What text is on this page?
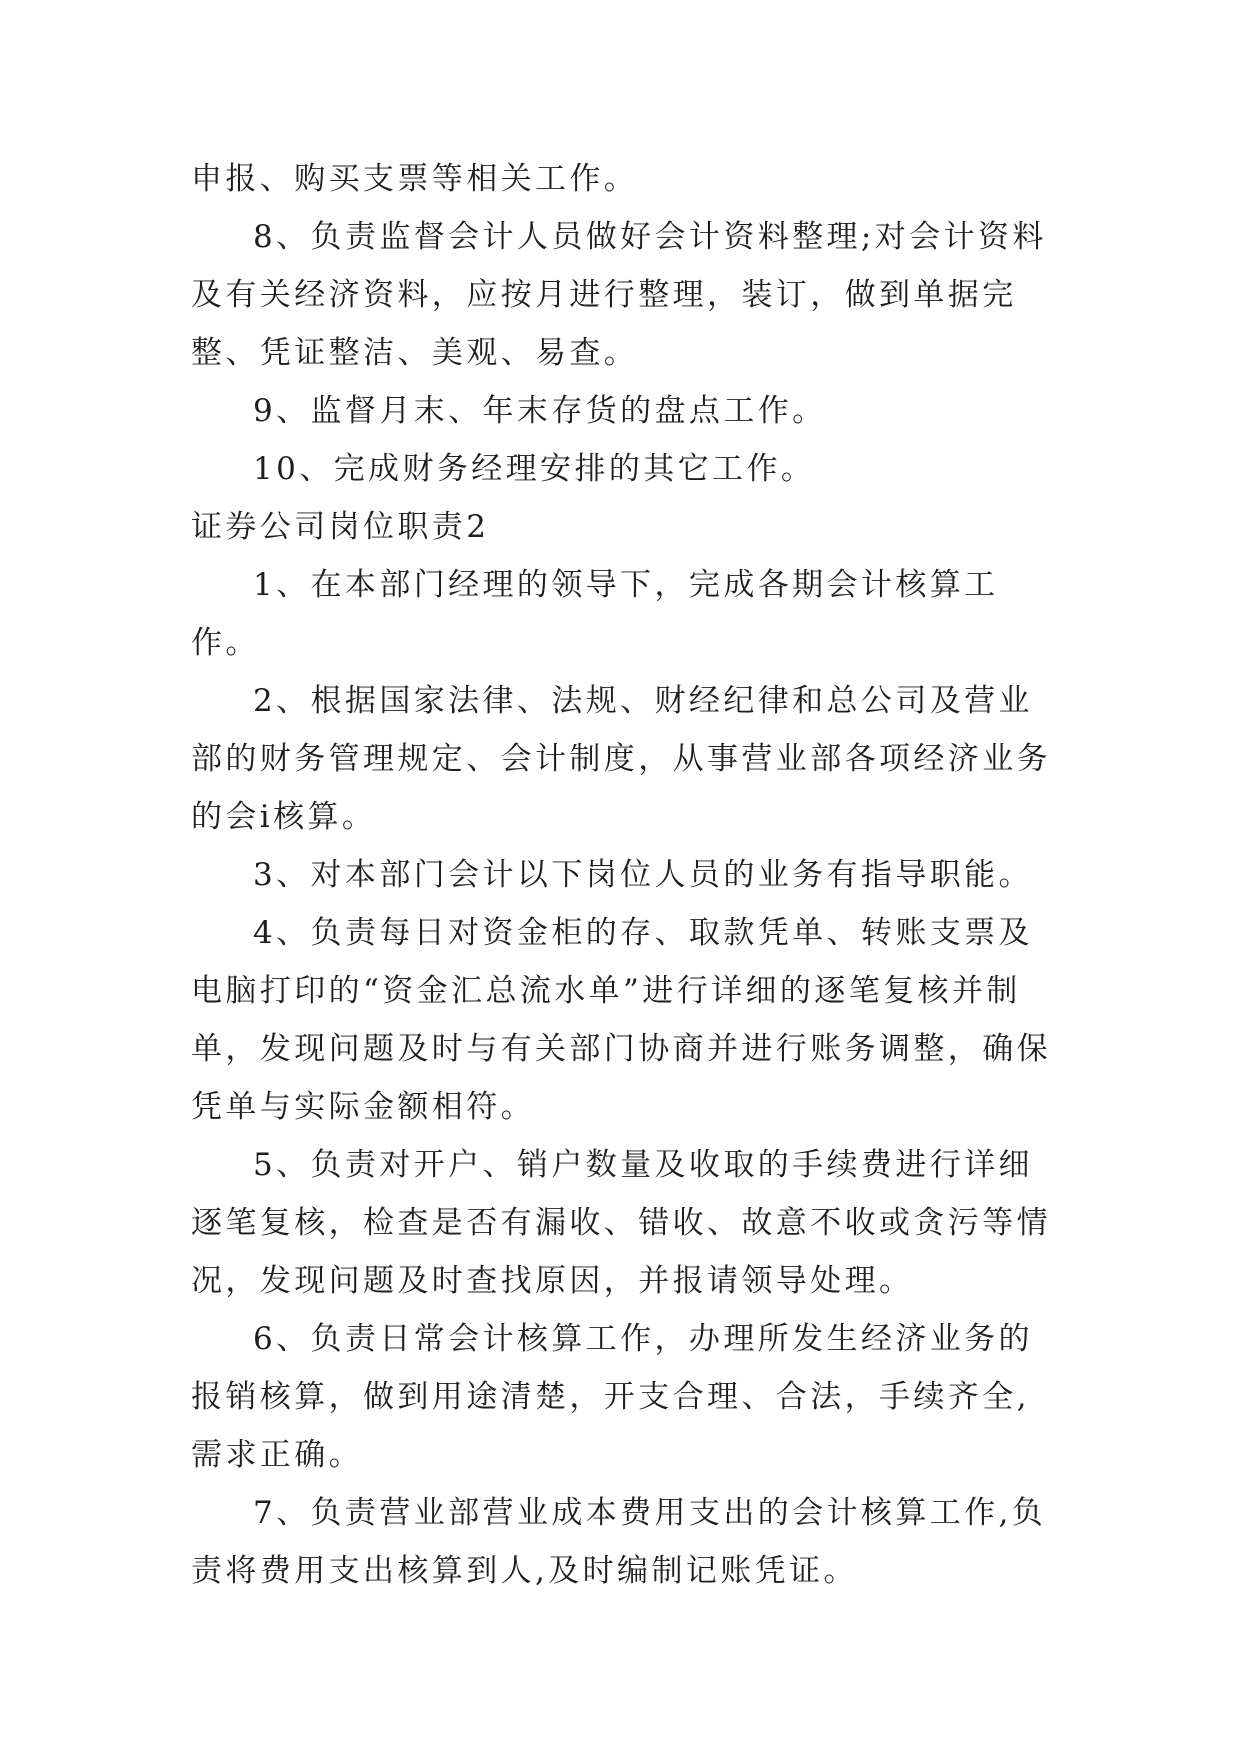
申报、购买支票等相关工作。

8、负责监督会计人员做好会计资料整理;对会计资料及有关经济资料，应按月进行整理，装订，做到单据完整、凭证整洁、美观、易查。

9、监督月末、年末存货的盘点工作。

10、完成财务经理安排的其它工作。

证券公司岗位职责2

1、在本部门经理的领导下，完成各期会计核算工作。

2、根据国家法律、法规、财经纪律和总公司及营业部的财务管理规定、会计制度，从事营业部各项经济业务的会i核算。

3、对本部门会计以下岗位人员的业务有指导职能。

4、负责每日对资金柜的存、取款凭单、转账支票及电脑打印的“资金汇总流水单”进行详细的逐笔复核并制单，发现问题及时与有关部门协商并进行账务调整，确保凭单与实际金额相符。

5、负责对开户、销户数量及收取的手续费进行详细逐笔复核，检查是否有漏收、错收、故意不收或贪污等情况，发现问题及时查找原因，并报请领导处理。

6、负责日常会计核算工作，办理所发生经济业务的报销核算，做到用途清楚，开支合理、合法，手续齐全,需求正确。

7、负责营业部营业成本费用支出的会计核算工作,负责将费用支出核算到人,及时编制记账凭证。
